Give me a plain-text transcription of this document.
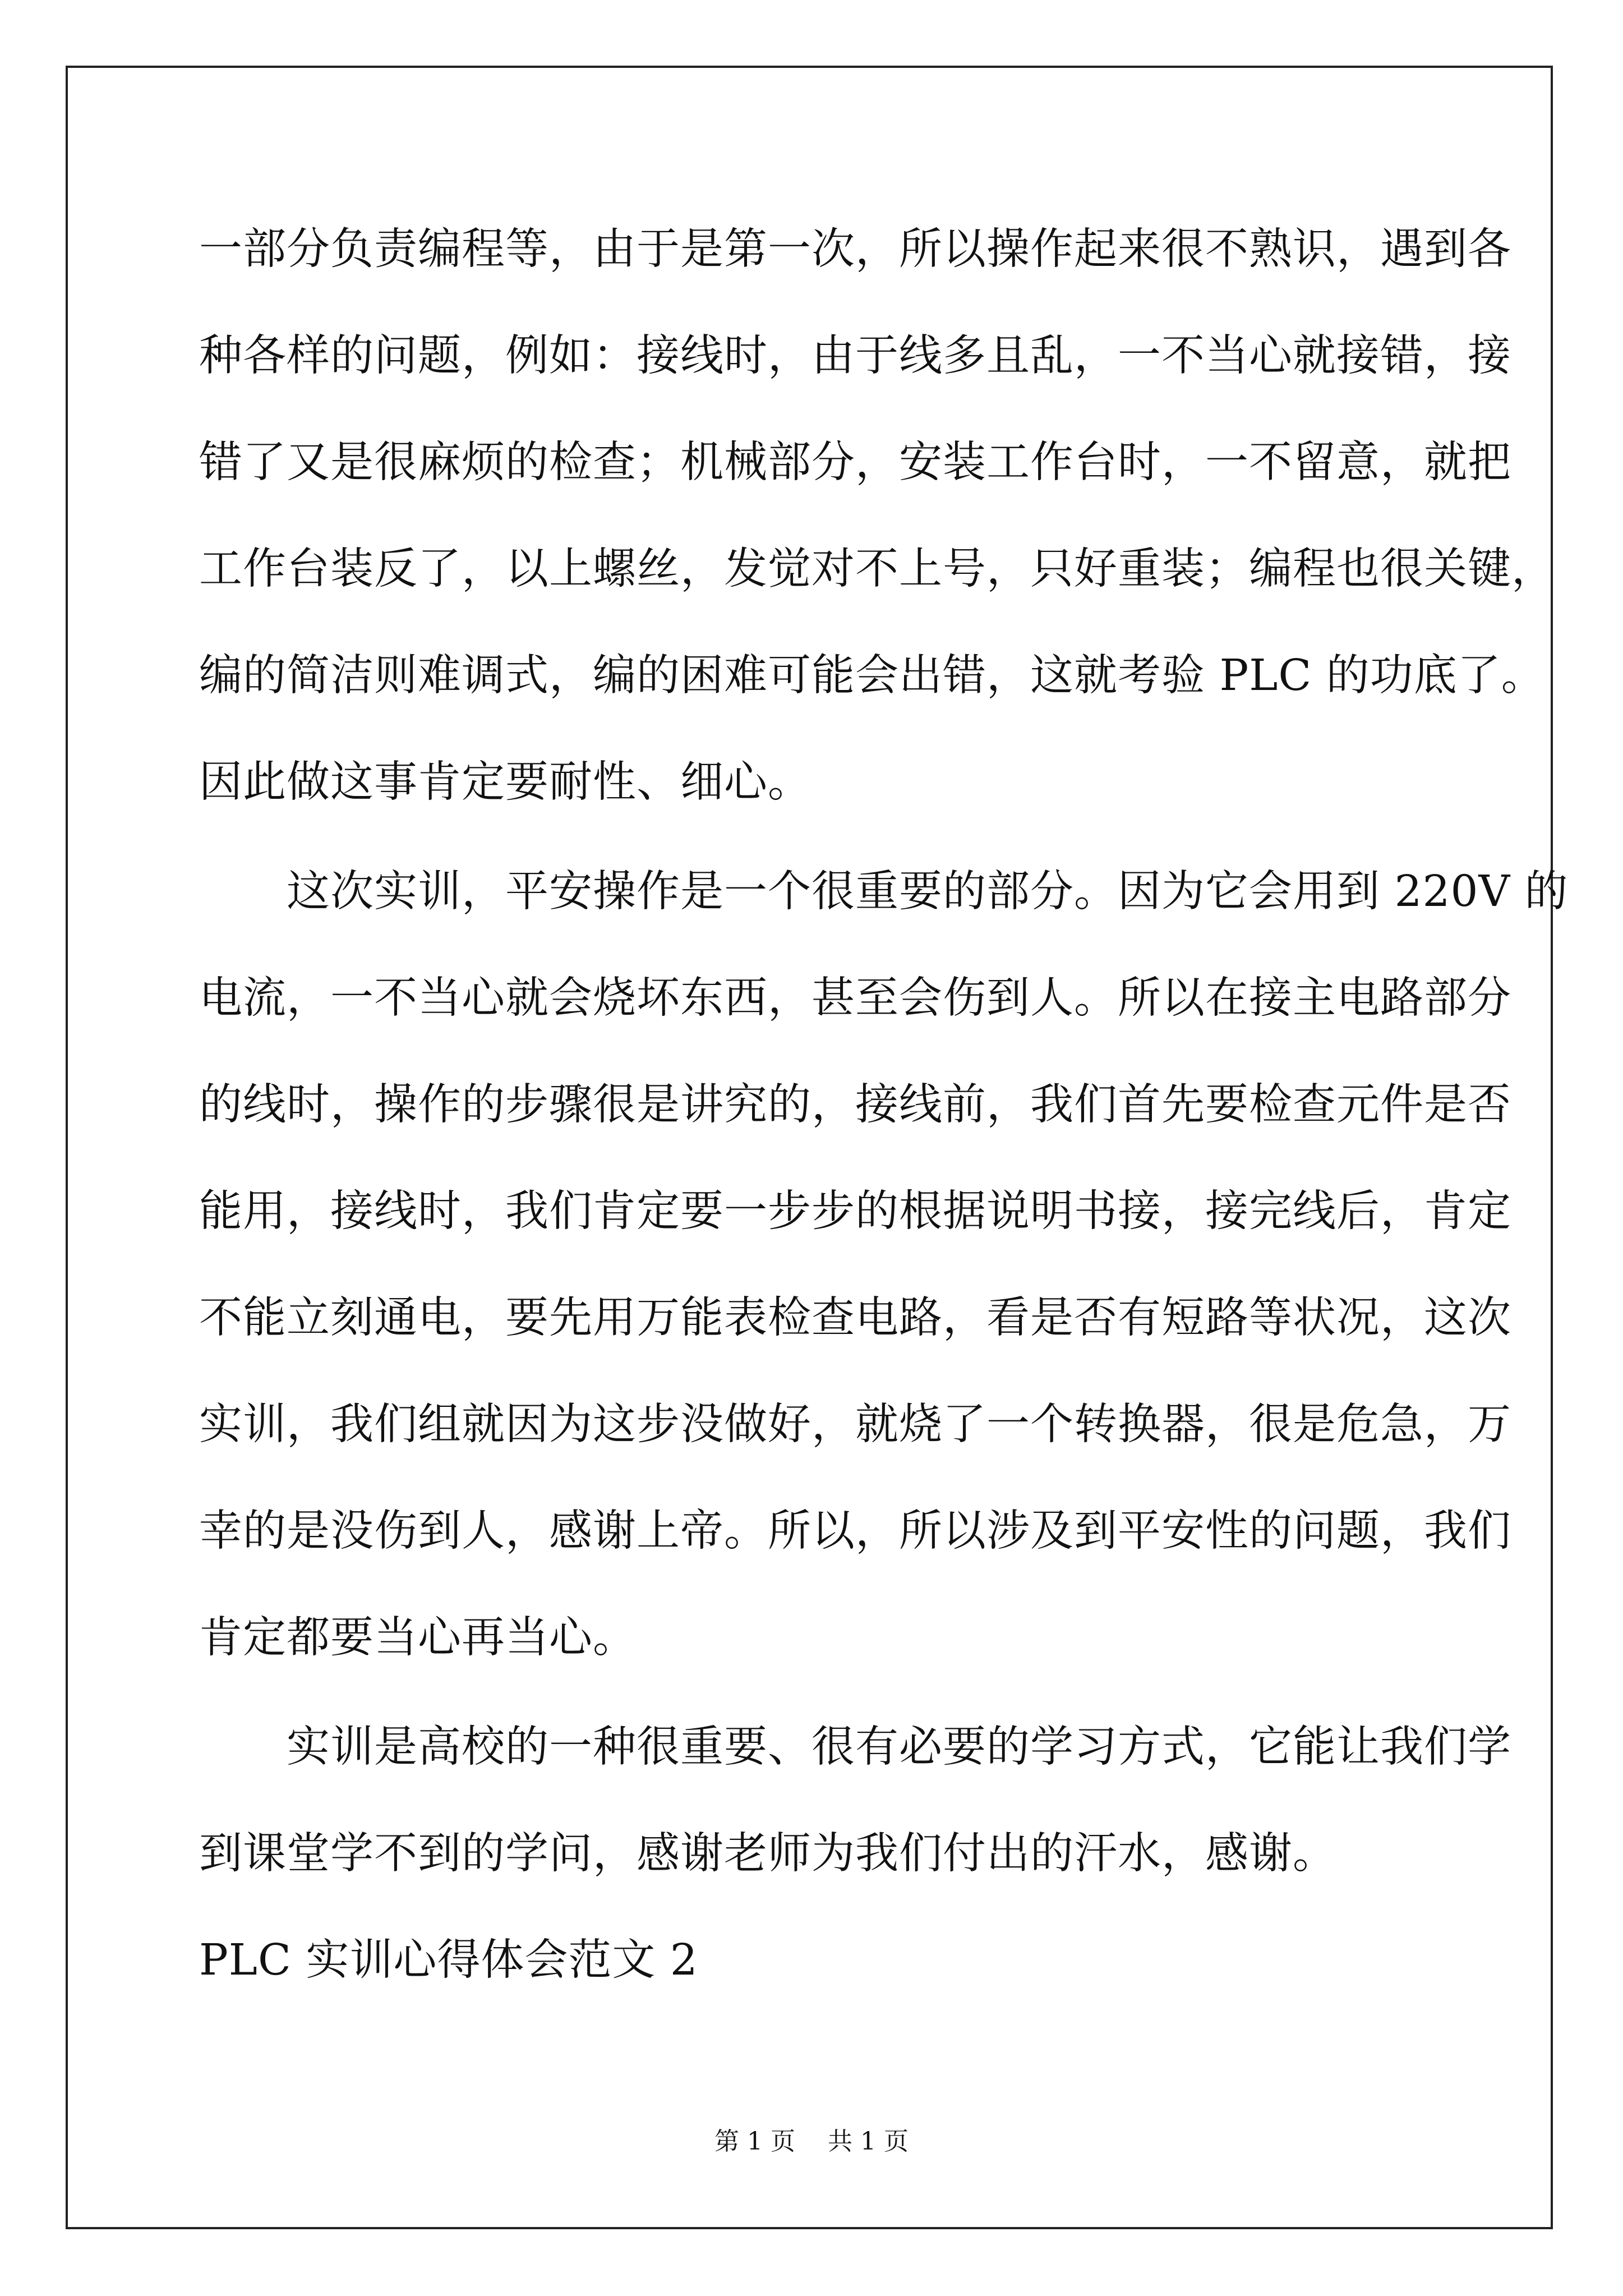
一部分负责编程等，由于是第一次，所以操作起来很不熟识，遇到各
种各样的问题，例如：接线时，由于线多且乱，一不当心就接错，接
错了又是很麻烦的检查；机械部分，安装工作台时，一不留意，就把
工作台装反了，以上螺丝，发觉对不上号，只好重装；编程也很关键，
编的简洁则难调式，编的困难可能会出错，这就考验 PLC 的功底了。
因此做这事肯定要耐性、细心。
　　这次实训，平安操作是一个很重要的部分。因为它会用到 220V 的
电流，一不当心就会烧坏东西，甚至会伤到人。所以在接主电路部分
的线时，操作的步骤很是讲究的，接线前，我们首先要检查元件是否
能用，接线时，我们肯定要一步步的根据说明书接，接完线后，肯定
不能立刻通电，要先用万能表检查电路，看是否有短路等状况，这次
实训，我们组就因为这步没做好，就烧了一个转换器，很是危急，万
幸的是没伤到人，感谢上帝。所以，所以涉及到平安性的问题，我们
肯定都要当心再当心。
　　实训是高校的一种很重要、很有必要的学习方式，它能让我们学
到课堂学不到的学问，感谢老师为我们付出的汗水，感谢。
PLC 实训心得体会范文 2
第 1 页　 共 1 页
